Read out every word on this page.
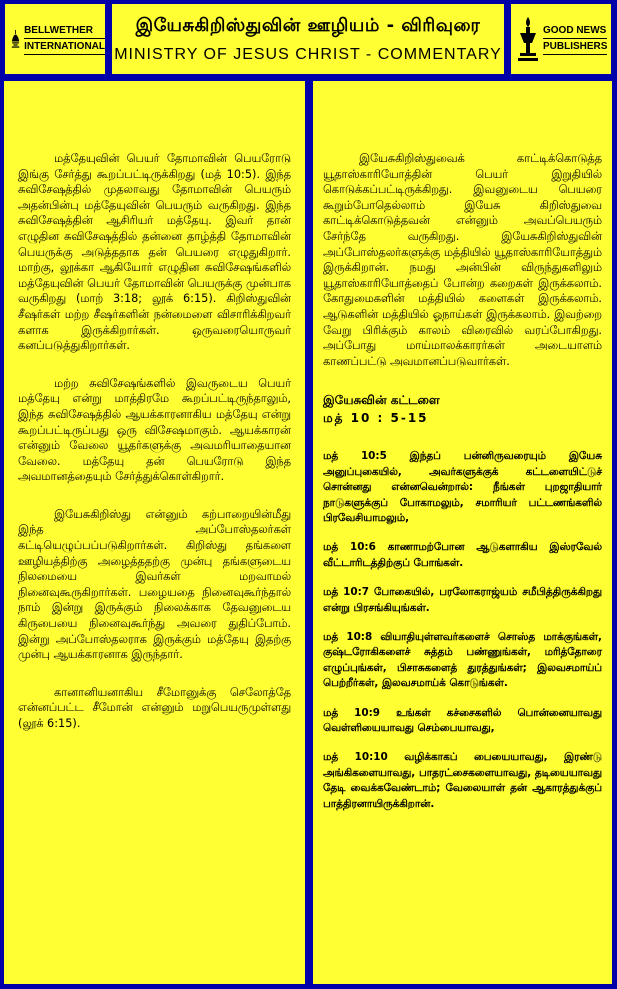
BELLWETHER
INTERNATIONAL
இயேசுகிறிஸ்துவின் ஊழியம் - விரிவுரை
MINISTRY OF JESUS CHRIST - COMMENTARY
GOOD NEWS
PUBLISHERS

மத்தேயுவின் பெயர் தோமாவின் பெயரோடு இங்கு சேர்த்து கூறப்பட்டிருக்கிறது (மத் 10:5). இந்த சுவிசேஷத்தில் முதலாவது தோமாவின் பெயரும் அதன்பின்பு மத்தேயுவின் பெயரும் வருகிறது. இந்த சுவிசேஷத்தின் ஆசிரியர் மத்தேயு. இவர் தான் எழுதின சுவிசேஷத்தில் தன்னை தாழ்த்தி தோமாவின் பெயருக்கு அடுத்ததாக தன் பெயரை எழுதுகிறார். மாற்கு, லூக்கா ஆகியோர் எழுதின சுவிசேஷங்களில் மத்தேயுவின் பெயர் தோமாவின் பெயருக்கு முன்பாக வருகிறது (மாற் 3:18; லூக் 6:15). கிறிஸ்துவின் சீஷர்கள் மற்ற சீஷர்களின் நன்மைளை விசாரிக்கிறவர் களாக இருக்கிறார்கள். ஒருவரையொருவர் கனப்படுத்துகிறார்கள்.

மற்ற சுவிசேஷங்களில் இவருடைய பெயர் மத்தேயு என்று மாத்திரமே கூறப்பட்டிருந்தாலும், இந்த சுவிசேஷத்தில் ஆயக்காரனாகிய மத்தேயு என்று கூறப்பட்டிருப்பது ஒரு விசேஷமாகும். ஆயக்காரன் என்னும் வேலை யூதர்களுக்கு அவமரியாதையான வேலை. மத்தேயு தன் பெயரோடு இந்த அவமானத்தையும் சேர்த்துக்கொள்கிறார்.

இயேசுகிறிஸ்து என்னும் கற்பாறையின்மீது இந்த அப்போஸ்தலர்கள் கட்டியெழுப்பப்படுகிறார்கள். கிறிஸ்து தங்களை ஊழியத்திற்கு அழைத்ததற்கு முன்பு தங்களுடைய நிலமையை இவர்கள் மறவாமல் நினைவுகூருகிறார்கள். பழையதை நினைவுகூர்ந்தால் நாம் இன்று இருக்கும் நிலைக்காக தேவனுடைய கிருபையை நினைவுகூர்ந்து அவரை துதிப்போம். இன்று அப்போஸ்தலராக இருக்கும் மத்தேயு இதற்கு முன்பு ஆயக்காரனாக இருந்தார்.

கானானியனாகிய சீமோனுக்கு செலோத்தே என்னப்பட்ட சீமோன் என்னும் மறுபெயருமுள்ளது (லூக் 6:15).

இயேசுகிறிஸ்துவைக் காட்டிக்கொடுத்த யூதாஸ்காரியோத்தின் பெயர் இறுதியில் கொடுக்கப்பட்டிருக்கிறது. இவனுடைய பெயரை கூறும்போதெல்லாம் இயேசு கிறிஸ்துவை காட்டிக்கொடுத்தவன் என்னும் அவப்பெயரும் சேர்ந்தே வருகிறது. இயேசுகிறிஸ்துவின் அப்போஸ்தலர்களுக்கு மத்தியில் யூதாஸ்காரியோத்தும் இருக்கிறான். நமது அன்பின் விருந்துகளிலும் யூதாஸ்காரியோத்தைப் போன்ற கறைகள் இருக்கலாம். கோதுமைகளின் மத்தியில் களைகள் இருக்கலாம். ஆடுகளின் மத்தியில் ஓநாய்கள் இருக்கலாம். இவற்றை வேறு பிரிக்கும் காலம் விரைவில் வரப்போகிறது. அப்போது மாய்மாலக்காரர்கள் அடையாளம் காணப்பட்டு அவமானப்படுவார்கள்.

இயேசுவின் கட்டளை
மத் 10 : 5-15

மத் 10:5 இந்தப் பன்னிருவரையும் இயேசு அனுப்புகையில், அவர்களுக்குக் கட்டளையிட்டுச் சொன்னது என்னவென்றால்: நீங்கள் புறஜாதியார் நாடுகளுக்குப் போகாமலும், சமாரியர் பட்டணங்களில் பிரவேசியாமலும்,

மத் 10:6 காணாமற்போன ஆடுகளாகிய இஸ்ரவேல் வீட்டாரிடத்திற்குப் போங்கள்.

மத் 10:7 போகையில், பரலோகராஜ்யம் சமீபித்திருக்கிறது என்று பிரசங்கியுங்கள்.

மத் 10:8 வியாதியுள்ளவர்களைச் சொஸ்த மாக்குங்கள், குஷ்டரோகிகளைச் சுத்தம் பண்ணுங்கள், மரித்தோரை எழுப்புங்கள், பிசாசுகளைத் துரத்துங்கள்; இலவசமாய்ப் பெற்றீர்கள், இலவசமாய்க் கொடுங்கள்.

மத் 10:9 உங்கள் கச்சைகளில் பொன்னையாவது வெள்ளியையாவது செம்பையாவது,

மத் 10:10 வழிக்காகப் பையையாவது, இரண்டு அங்கிகளையாவது, பாதரட்சைகளையாவது, தடியையாவது தேடி வைக்கவேண்டாம்; வேலையாள் தன் ஆகாரத்துக்குப் பாத்திரனாயிருக்கிறான்.
